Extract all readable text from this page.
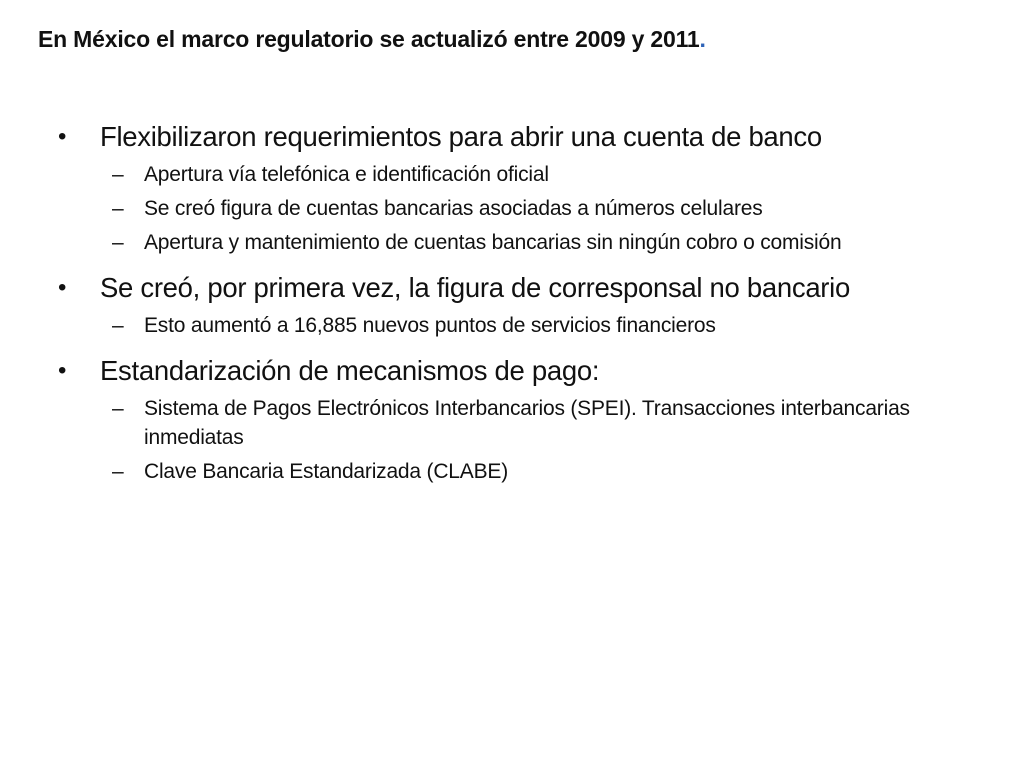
En México el marco regulatorio se actualizó entre 2009 y 2011.
•	Flexibilizaron requerimientos para abrir una cuenta de banco
– Apertura vía telefónica e identificación oficial
– Se creó figura de cuentas bancarias asociadas a números celulares
– Apertura y mantenimiento de cuentas bancarias sin ningún cobro o comisión
•	Se creó, por primera vez, la figura de corresponsal no bancario
– Esto aumentó a 16,885 nuevos puntos de servicios financieros
•	Estandarización de mecanismos de pago:
– Sistema de Pagos Electrónicos Interbancarios (SPEI). Transacciones interbancarias inmediatas
– Clave Bancaria Estandarizada (CLABE)
